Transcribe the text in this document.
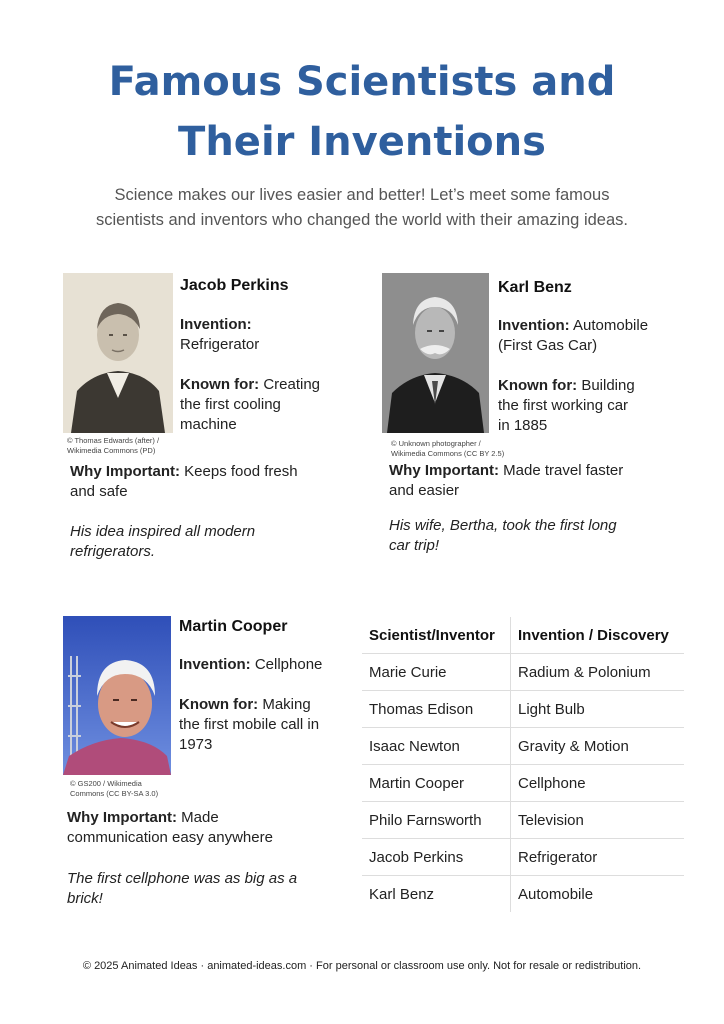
Famous Scientists and
Their Inventions
Science makes our lives easier and better! Let’s meet some famous
scientists and inventors who changed the world with their amazing ideas.
© Thomas Edwards (after) /
Wikimedia Commons (PD)
Jacob Perkins
Invention:
Refrigerator
Known for: Creating
the first cooling
machine
Why Important: Keeps food fresh
and safe
His idea inspired all modern
refrigerators.
© Unknown photographer /
Wikimedia Commons (CC BY 2.5)
Karl Benz
Invention: Automobile
(First Gas Car)
Known for: Building
the first working car
in 1885
Why Important: Made travel faster
and easier
His wife, Bertha, took the first long
car trip!
© GS200 / Wikimedia
Commons (CC BY-SA 3.0)
Martin Cooper
Invention: Cellphone
Known for: Making
the first mobile call in
1973
Why Important: Made
communication easy anywhere
The first cellphone was as big as a
brick!
Scientist/Inventor	Invention / Discovery
Marie Curie	Radium & Polonium
Thomas Edison	Light Bulb
Isaac Newton	Gravity & Motion
Martin Cooper	Cellphone
Philo Farnsworth	Television
Jacob Perkins	Refrigerator
Karl Benz	Automobile
© 2025 Animated Ideas · animated-ideas.com · For personal or classroom use only. Not for resale or redistribution.
